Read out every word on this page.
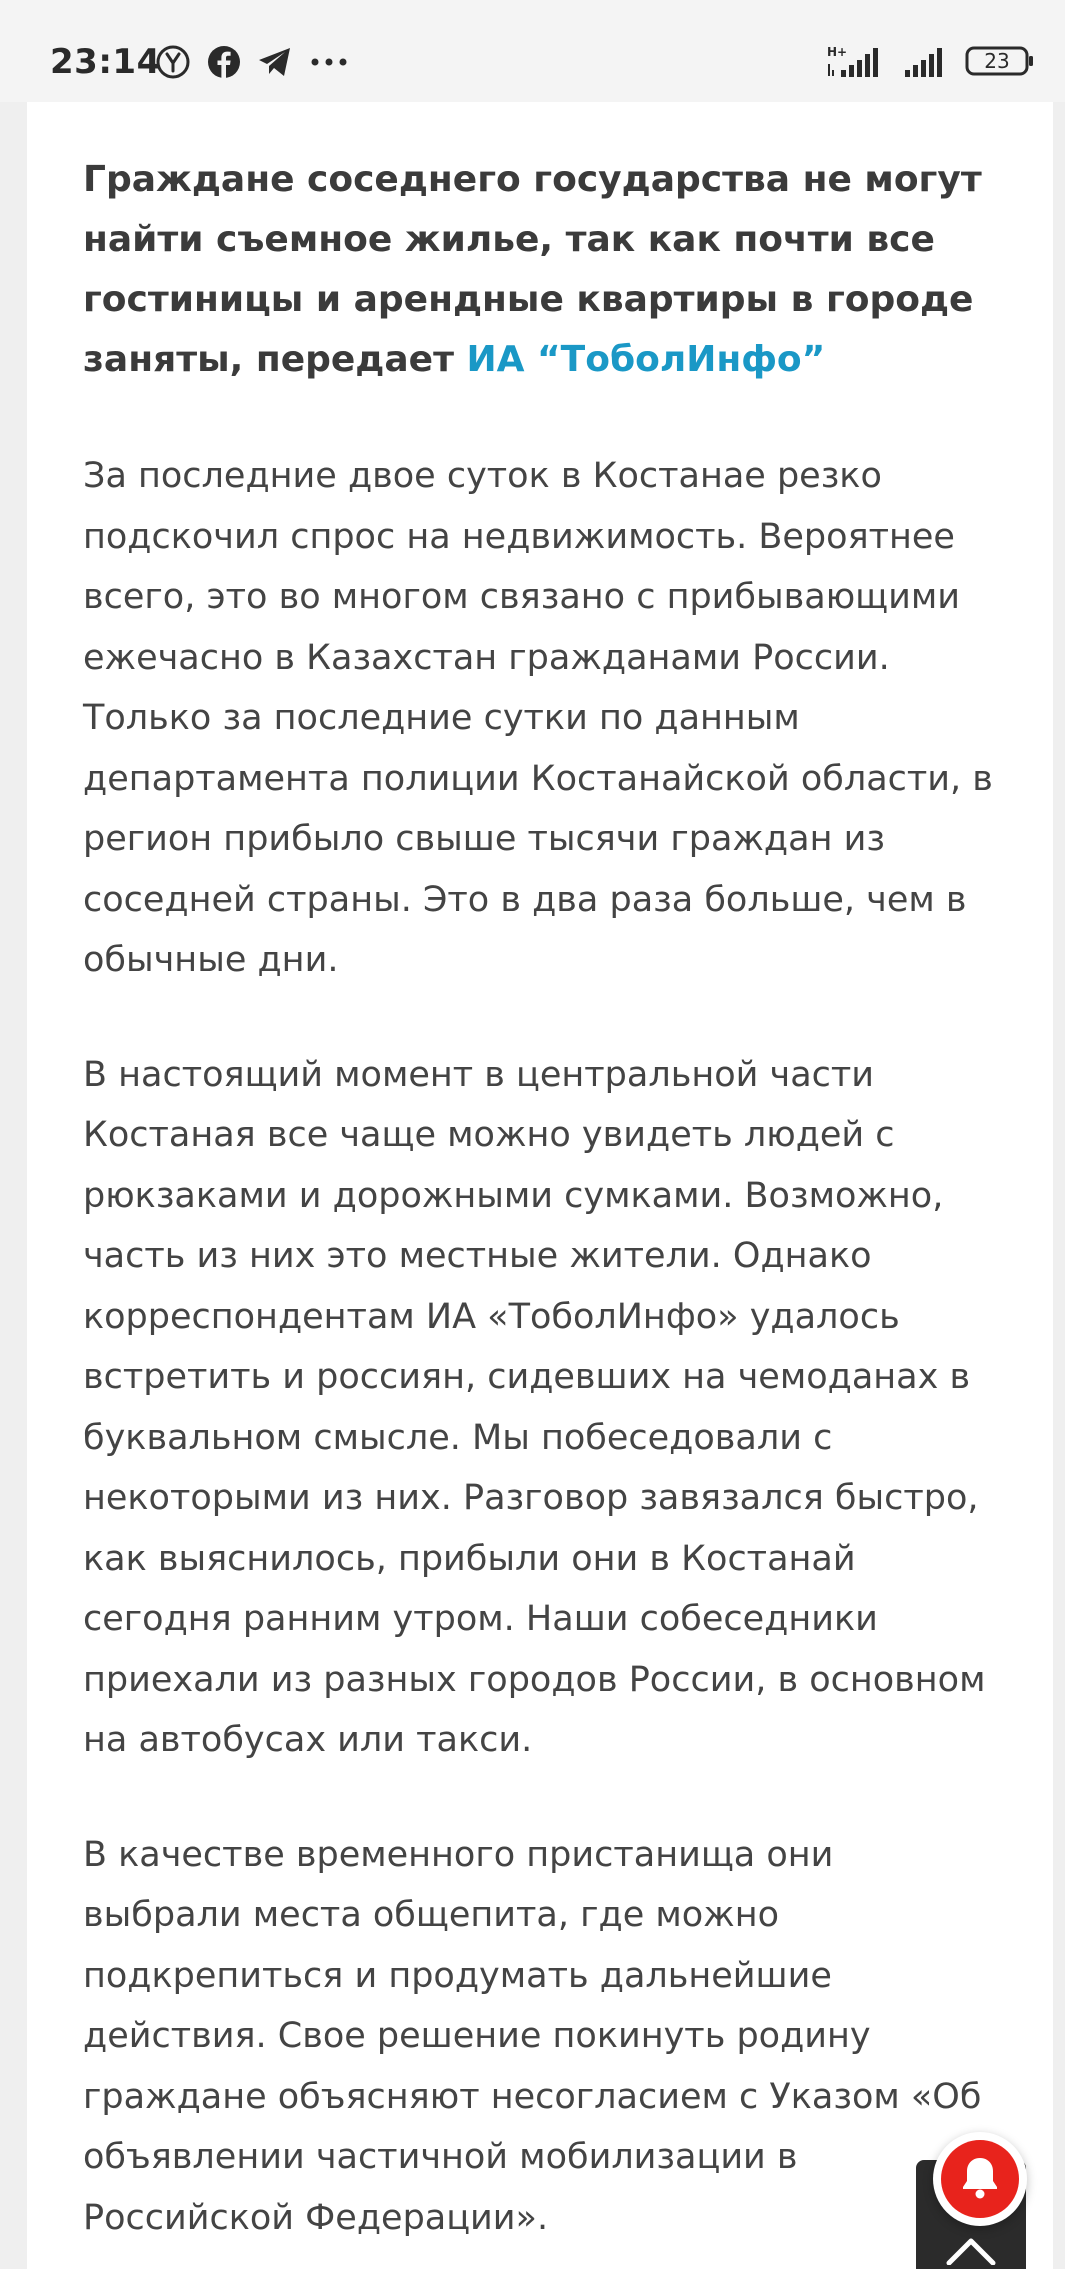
23:14	H+	23

Граждане соседнего государства не могут найти съемное жилье, так как почти все гостиницы и арендные квартиры в городе заняты, передает ИА “ТоболИнфо”

За последние двое суток в Костанае резко подскочил спрос на недвижимость. Вероятнее всего, это во многом связано с прибывающими ежечасно в Казахстан гражданами России. Только за последние сутки по данным департамента полиции Костанайской области, в регион прибыло свыше тысячи граждан из соседней страны. Это в два раза больше, чем в обычные дни.

В настоящий момент в центральной части Костаная все чаще можно увидеть людей с рюкзаками и дорожными сумками. Возможно, часть из них это местные жители. Однако корреспондентам ИА «ТоболИнфо» удалось встретить и россиян, сидевших на чемоданах в буквальном смысле. Мы побеседовали с некоторыми из них. Разговор завязался быстро, как выяснилось, прибыли они в Костанай сегодня ранним утром. Наши собеседники приехали из разных городов России, в основном на автобусах или такси.

В качестве временного пристанища они выбрали места общепита, где можно подкрепиться и продумать дальнейшие действия. Свое решение покинуть родину граждане объясняют несогласием с Указом «Об объявлении частичной мобилизации в Российской Федерации».
